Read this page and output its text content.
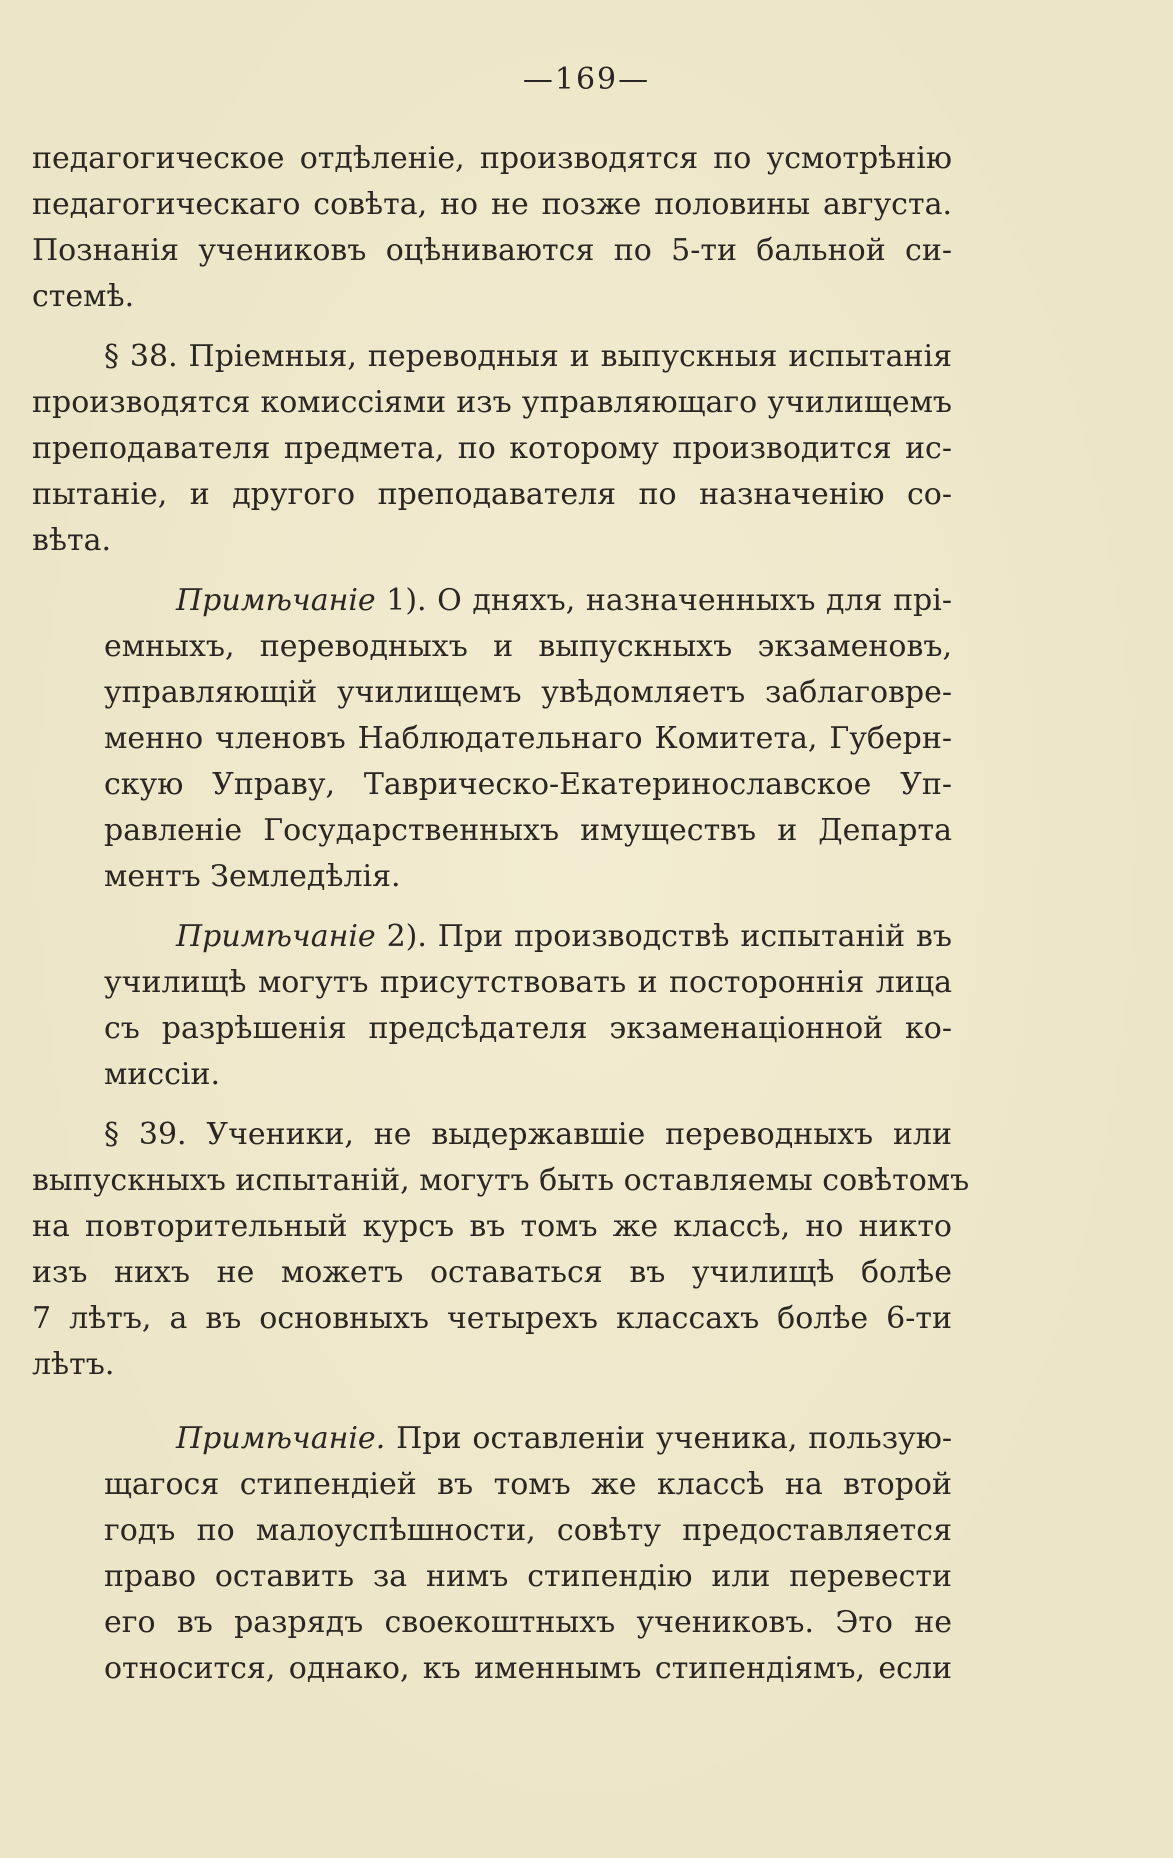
—169—
педагогическое отдѣленіе, производятся по усмотрѣнію
педагогическаго совѣта, но не позже половины августа.
Познанія учениковъ оцѣниваются по 5-ти бальной си-
стемѣ.
§ 38. Пріемныя, переводныя и выпускныя испытанія
производятся комиссіями изъ управляющаго училищемъ
преподавателя предмета, по которому производится ис-
пытаніе, и другого преподавателя по назначенію со-
вѣта.
Примѣчаніе 1). О дняхъ, назначенныхъ для прі-
емныхъ, переводныхъ и выпускныхъ экзаменовъ,
управляющій училищемъ увѣдомляетъ заблаговре-
менно членовъ Наблюдательнаго Комитета, Губерн-
скую Управу, Таврическо-Екатеринославское Уп-
равленіе Государственныхъ имуществъ и Департа
ментъ Земледѣлія.
Примѣчаніе 2). При производствѣ испытаній въ
училищѣ могутъ присутствовать и постороннія лица
съ разрѣшенія предсѣдателя экзаменаціонной ко-
миссіи.
§ 39. Ученики, не выдержавшіе переводныхъ или
выпускныхъ испытаній, могутъ быть оставляемы совѣтомъ
на повторительный курсъ въ томъ же классѣ, но никто
изъ нихъ не можетъ оставаться въ училищѣ болѣе
7 лѣтъ, а въ основныхъ четырехъ классахъ болѣе 6-ти
лѣтъ.
Примѣчаніе. При оставленіи ученика, пользую-
щагося стипендіей въ томъ же классѣ на второй
годъ по малоуспѣшности, совѣту предоставляется
право оставить за нимъ стипендію или перевести
его въ разрядъ своекоштныхъ учениковъ. Это не
относится, однако, къ именнымъ стипендіямъ, если
